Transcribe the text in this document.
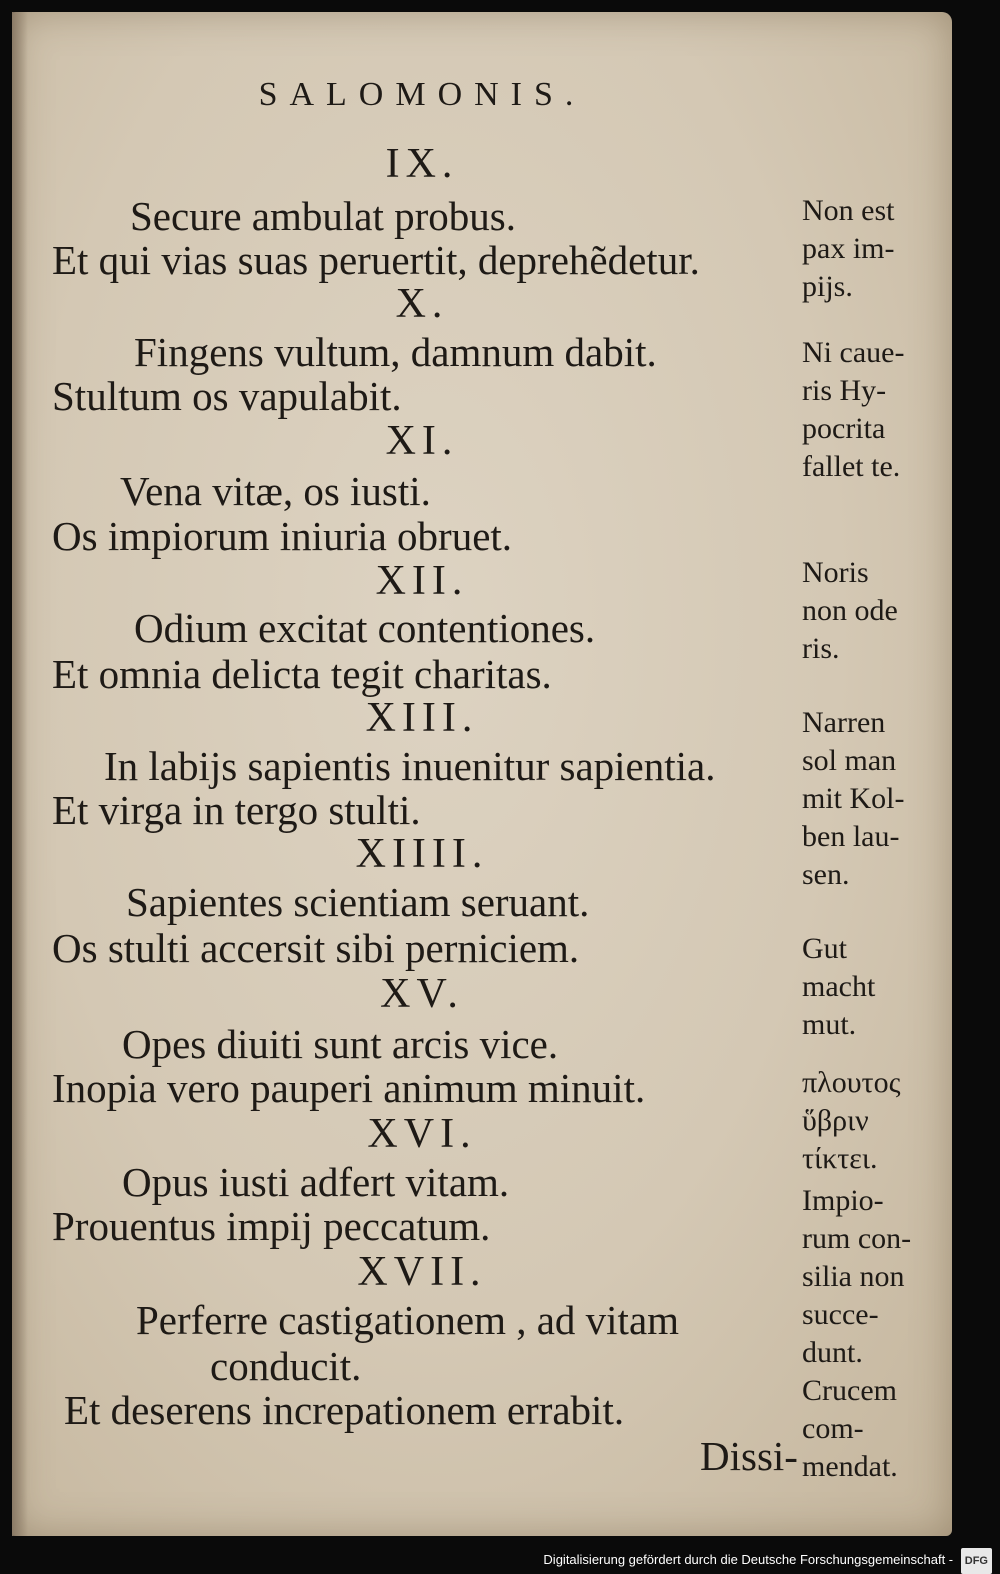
SALOMONIS.
IX.
Secure ambulat probus.
Et qui vias suas peruertit, deprehẽdetur.
X.
Fingens vultum, damnum dabit.
Stultum os vapulabit.
XI.
Vena vitæ, os iusti.
Os impiorum iniuria obruet.
XII.
Odium excitat contentiones.
Et omnia delicta tegit charitas.
XIII.
In labijs sapientis inuenitur sapientia.
Et virga in tergo stulti.
XIIII.
Sapientes scientiam seruant.
Os stulti accersit sibi perniciem.
XV.
Opes diuiti sunt arcis vice.
Inopia vero pauperi animum minuit.
XVI.
Opus iusti adfert vitam.
Prouentus impij peccatum.
XVII.
Perferre castigationem , ad vitam
conducit.
Et deserens increpationem errabit.
Dissi-
Non est
pax im-
pijs.
Ni caue-
ris Hy-
pocrita
fallet te.
Noris
non ode
ris.
Narren
sol man
mit Kol-
ben lau-
sen.
Gut
macht
mut.
πλουτος
ὕβριν
τίκτει.
Impio-
rum con-
silia non
succe-
dunt.
Crucem
com-
mendat.
Digitalisierung gefördert durch die Deutsche Forschungsgemeinschaft - DFG
